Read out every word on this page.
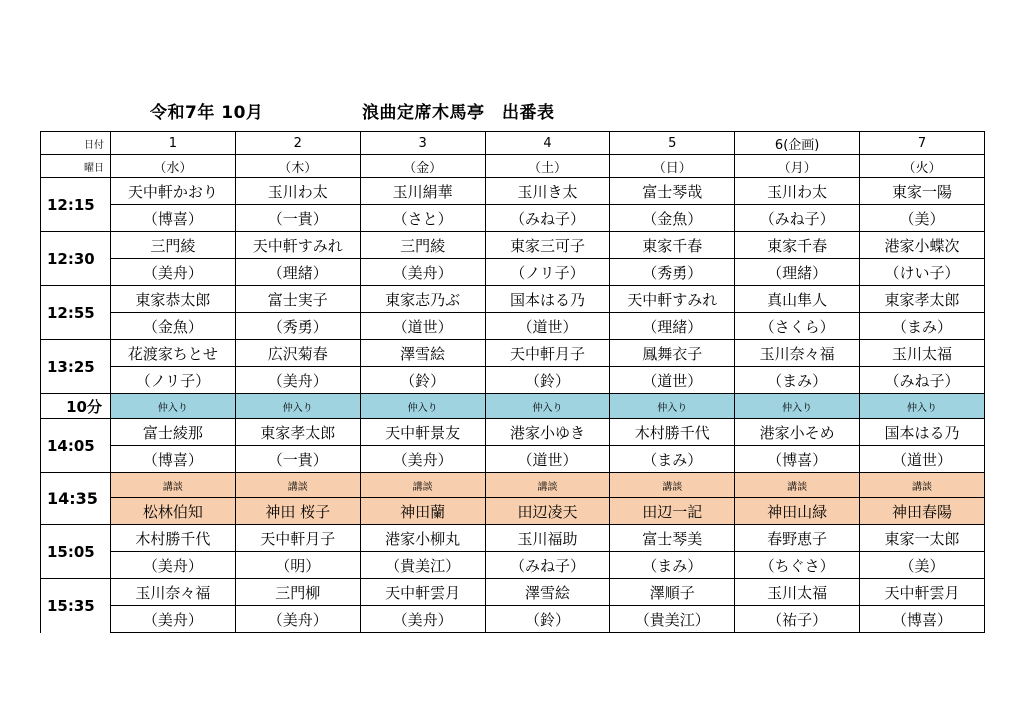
令和7年 10月	浪曲定席木馬亭　出番表
日付	1	2	3	4	5	6(企画)	7
曜日	（水）	（木）	（金）	（土）	（日）	（月）	（火）
12:15	天中軒かおり	玉川わ太	玉川絹華	玉川き太	富士琴哉	玉川わ太	東家一陽
	（博喜）	（一貴）	（さと）	（みね子）	（金魚）	（みね子）	（美）
12:30	三門綾	天中軒すみれ	三門綾	東家三可子	東家千春	東家千春	港家小蝶次
	（美舟）	（理緒）	（美舟）	（ノリ子）	（秀勇）	（理緒）	（けい子）
12:55	東家恭太郎	富士実子	東家志乃ぶ	国本はる乃	天中軒すみれ	真山隼人	東家孝太郎
	（金魚）	（秀勇）	（道世）	（道世）	（理緒）	（さくら）	（まみ）
13:25	花渡家ちとせ	広沢菊春	澤雪絵	天中軒月子	鳳舞衣子	玉川奈々福	玉川太福
	（ノリ子）	（美舟）	（鈴）	（鈴）	（道世）	（まみ）	（みね子）
10分	仲入り	仲入り	仲入り	仲入り	仲入り	仲入り	仲入り
14:05	富士綾那	東家孝太郎	天中軒景友	港家小ゆき	木村勝千代	港家小そめ	国本はる乃
	（博喜）	（一貴）	（美舟）	（道世）	（まみ）	（博喜）	（道世）
14:35	講談	講談	講談	講談	講談	講談	講談
	松林伯知	神田 桜子	神田蘭	田辺凌天	田辺一記	神田山緑	神田春陽
15:05	木村勝千代	天中軒月子	港家小柳丸	玉川福助	富士琴美	春野恵子	東家一太郎
	（美舟）	（明）	（貴美江）	（みね子）	（まみ）	（ちぐさ）	（美）
15:35	玉川奈々福	三門柳	天中軒雲月	澤雪絵	澤順子	玉川太福	天中軒雲月
	（美舟）	（美舟）	（美舟）	（鈴）	（貴美江）	（祐子）	（博喜）
